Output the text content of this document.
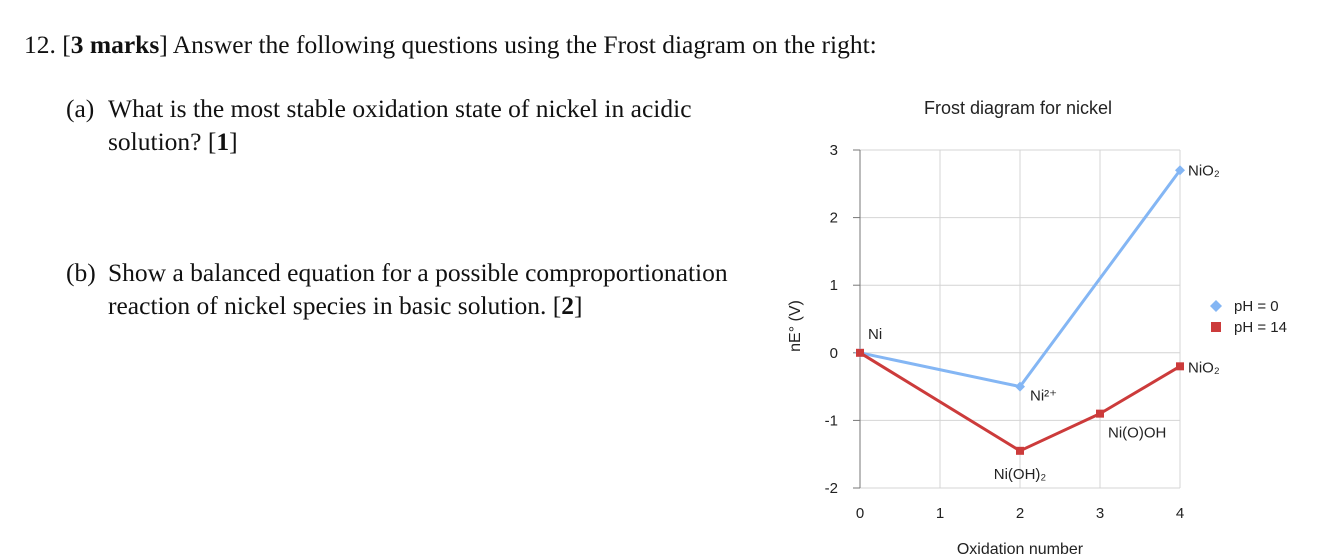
12. [3 marks] Answer the following questions using the Frost diagram on the right:
(a) What is the most stable oxidation state of nickel in acidic solution? [1]
(b) Show a balanced equation for a possible comproportionation reaction of nickel species in basic solution. [2]
Frost diagram for nickel
0	1	2	3	4
-2
-1
0
1
2
3
Oxidation number
nE° (V)	Ni
Ni²⁺
NiO₂
Ni(OH)₂
Ni(O)OH
NiO₂
pH = 0
pH = 14
